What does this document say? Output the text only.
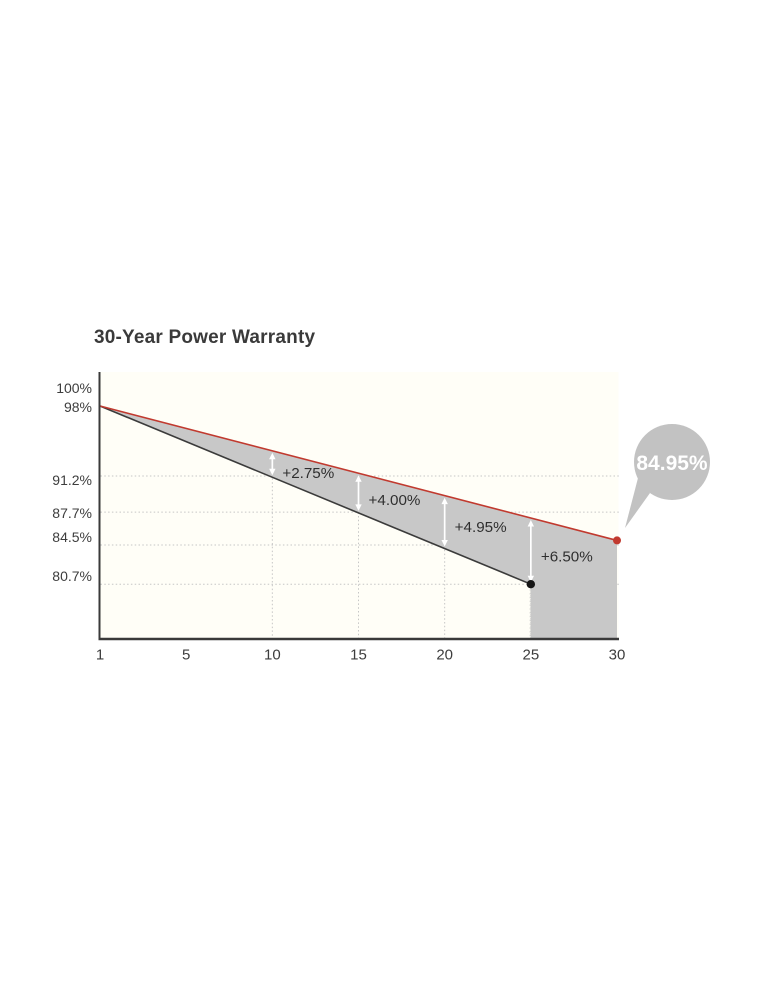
30-Year Power Warranty
+2.75%
+4.00%
+4.95%
+6.50%
84.95%
100%
98%
91.2%
87.7%
84.5%
80.7%
1	5	10	15	20	25	30
